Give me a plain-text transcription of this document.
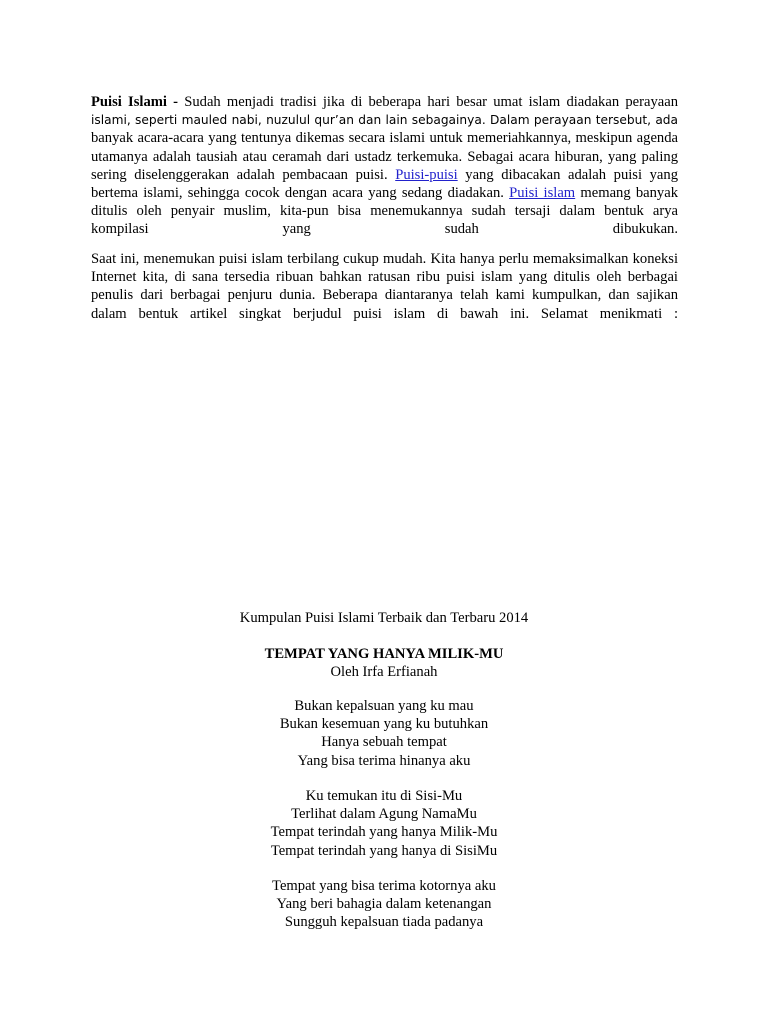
Puisi Islami - Sudah menjadi tradisi jika di beberapa hari besar umat islam diadakan perayaan islami, seperti mauled nabi, nuzulul qur’an dan lain sebagainya. Dalam perayaan tersebut, ada banyak acara-acara yang tentunya dikemas secara islami untuk memeriahkannya, meskipun agenda utamanya adalah tausiah atau ceramah dari ustadz terkemuka. Sebagai acara hiburan, yang paling sering diselenggerakan adalah pembacaan puisi. Puisi-puisi yang dibacakan adalah puisi yang bertema islami, sehingga cocok dengan acara yang sedang diadakan. Puisi islam memang banyak ditulis oleh penyair muslim, kita-pun bisa menemukannya sudah tersaji dalam bentuk arya kompilasi yang sudah dibukukan.

Saat ini, menemukan puisi islam terbilang cukup mudah. Kita hanya perlu memaksimalkan koneksi Internet kita, di sana tersedia ribuan bahkan ratusan ribu puisi islam yang ditulis oleh berbagai penulis dari berbagai penjuru dunia. Beberapa diantaranya telah kami kumpulkan, dan sajikan dalam bentuk artikel singkat berjudul puisi islam di bawah ini. Selamat menikmati :

Kumpulan Puisi Islami Terbaik dan Terbaru 2014
TEMPAT YANG HANYA MILIK-MU
Oleh Irfa Erfianah
Bukan kepalsuan yang ku mau
Bukan kesemuan yang ku butuhkan
Hanya sebuah tempat
Yang bisa terima hinanya aku
Ku temukan itu di Sisi-Mu
Terlihat dalam Agung NamaMu
Tempat terindah yang hanya Milik-Mu
Tempat terindah yang hanya di SisiMu
Tempat yang bisa terima kotornya aku
Yang beri bahagia dalam ketenangan
Sungguh kepalsuan tiada padanya
